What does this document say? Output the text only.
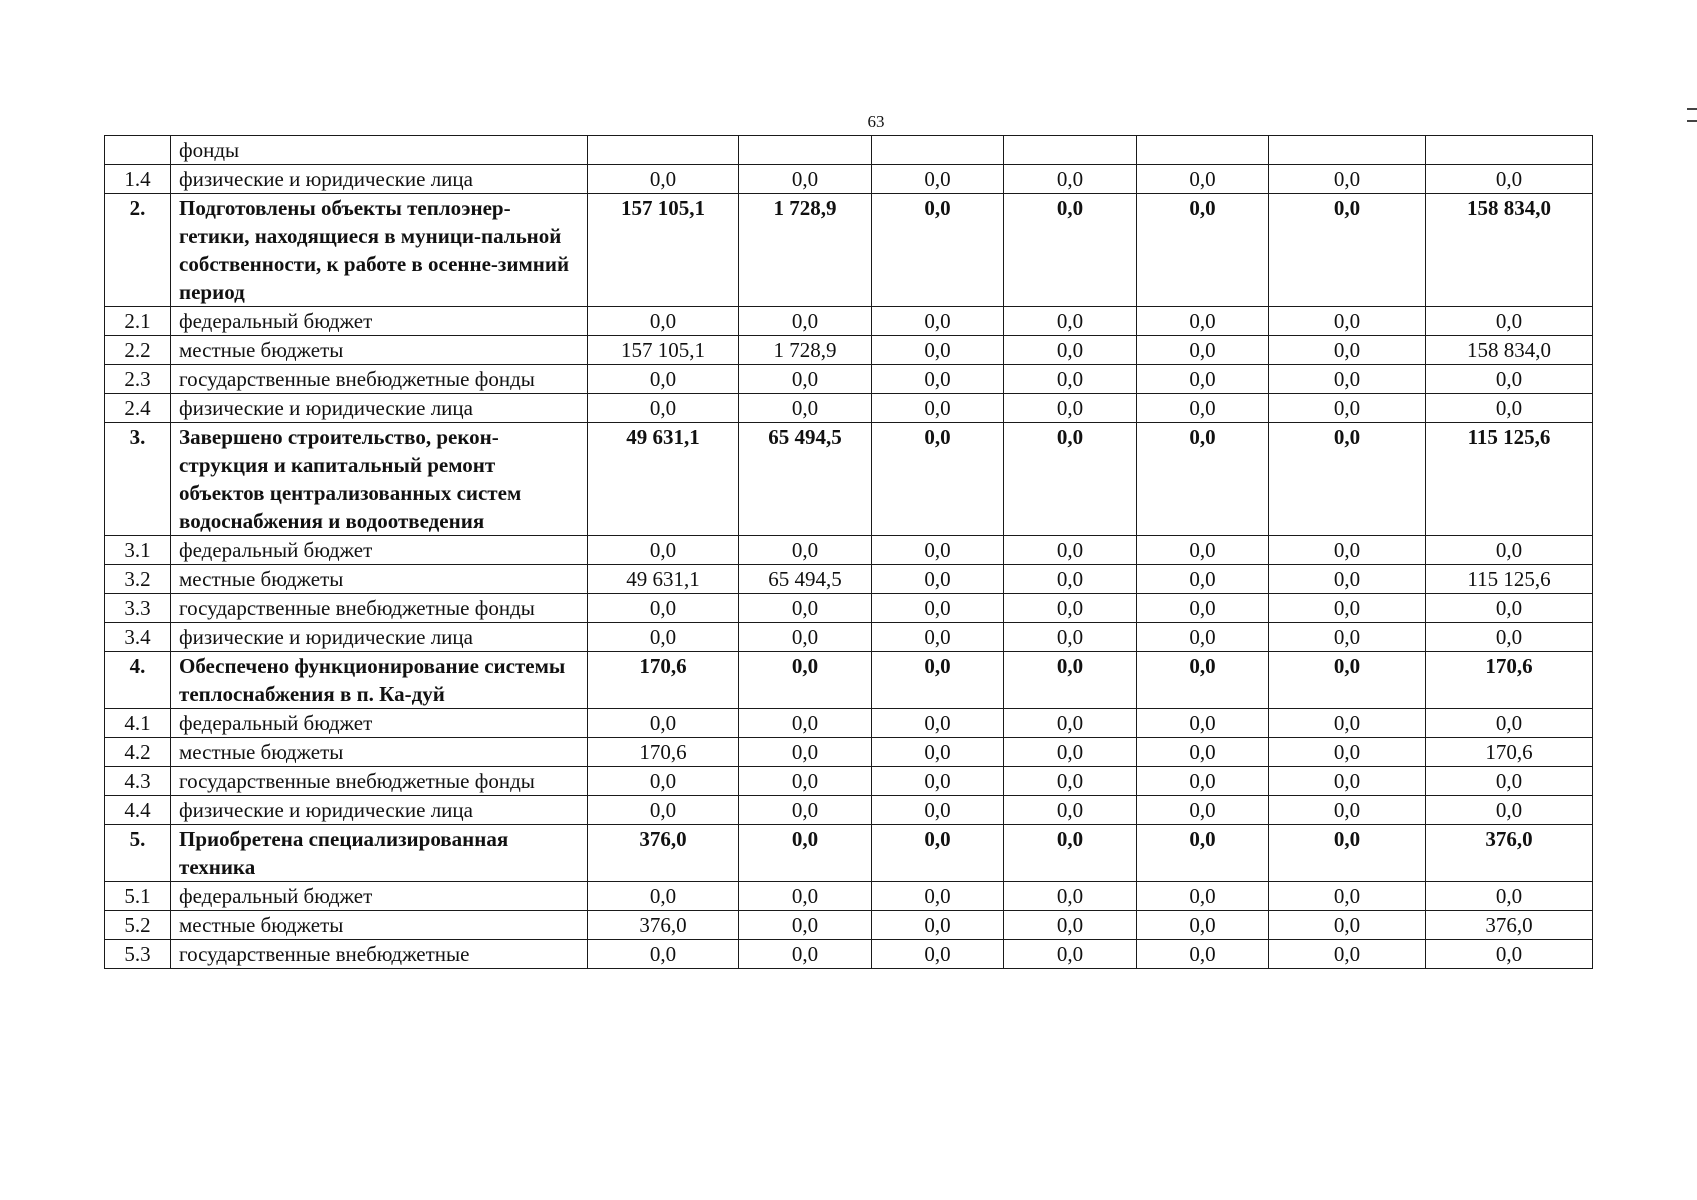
63
	фонды							
1.4	физические и юридические лица	0,0	0,0	0,0	0,0	0,0	0,0	0,0
2.	Подготовлены объекты теплоэнер-гетики, находящиеся в муници-пальной собственности, к работе в осенне-зимний период	157 105,1	1 728,9	0,0	0,0	0,0	0,0	158 834,0
2.1	федеральный бюджет	0,0	0,0	0,0	0,0	0,0	0,0	0,0
2.2	местные бюджеты	157 105,1	1 728,9	0,0	0,0	0,0	0,0	158 834,0
2.3	государственные внебюджетные фонды	0,0	0,0	0,0	0,0	0,0	0,0	0,0
2.4	физические и юридические лица	0,0	0,0	0,0	0,0	0,0	0,0	0,0
3.	Завершено строительство, рекон-струкция и капитальный ремонт объектов централизованных систем водоснабжения и водоотведения	49 631,1	65 494,5	0,0	0,0	0,0	0,0	115 125,6
3.1	федеральный бюджет	0,0	0,0	0,0	0,0	0,0	0,0	0,0
3.2	местные бюджеты	49 631,1	65 494,5	0,0	0,0	0,0	0,0	115 125,6
3.3	государственные внебюджетные фонды	0,0	0,0	0,0	0,0	0,0	0,0	0,0
3.4	физические и юридические лица	0,0	0,0	0,0	0,0	0,0	0,0	0,0
4.	Обеспечено функционирование системы теплоснабжения в п. Ка-дуй	170,6	0,0	0,0	0,0	0,0	0,0	170,6
4.1	федеральный бюджет	0,0	0,0	0,0	0,0	0,0	0,0	0,0
4.2	местные бюджеты	170,6	0,0	0,0	0,0	0,0	0,0	170,6
4.3	государственные внебюджетные фонды	0,0	0,0	0,0	0,0	0,0	0,0	0,0
4.4	физические и юридические лица	0,0	0,0	0,0	0,0	0,0	0,0	0,0
5.	Приобретена специализированная техника	376,0	0,0	0,0	0,0	0,0	0,0	376,0
5.1	федеральный бюджет	0,0	0,0	0,0	0,0	0,0	0,0	0,0
5.2	местные бюджеты	376,0	0,0	0,0	0,0	0,0	0,0	376,0
5.3	государственные внебюджетные	0,0	0,0	0,0	0,0	0,0	0,0	0,0
